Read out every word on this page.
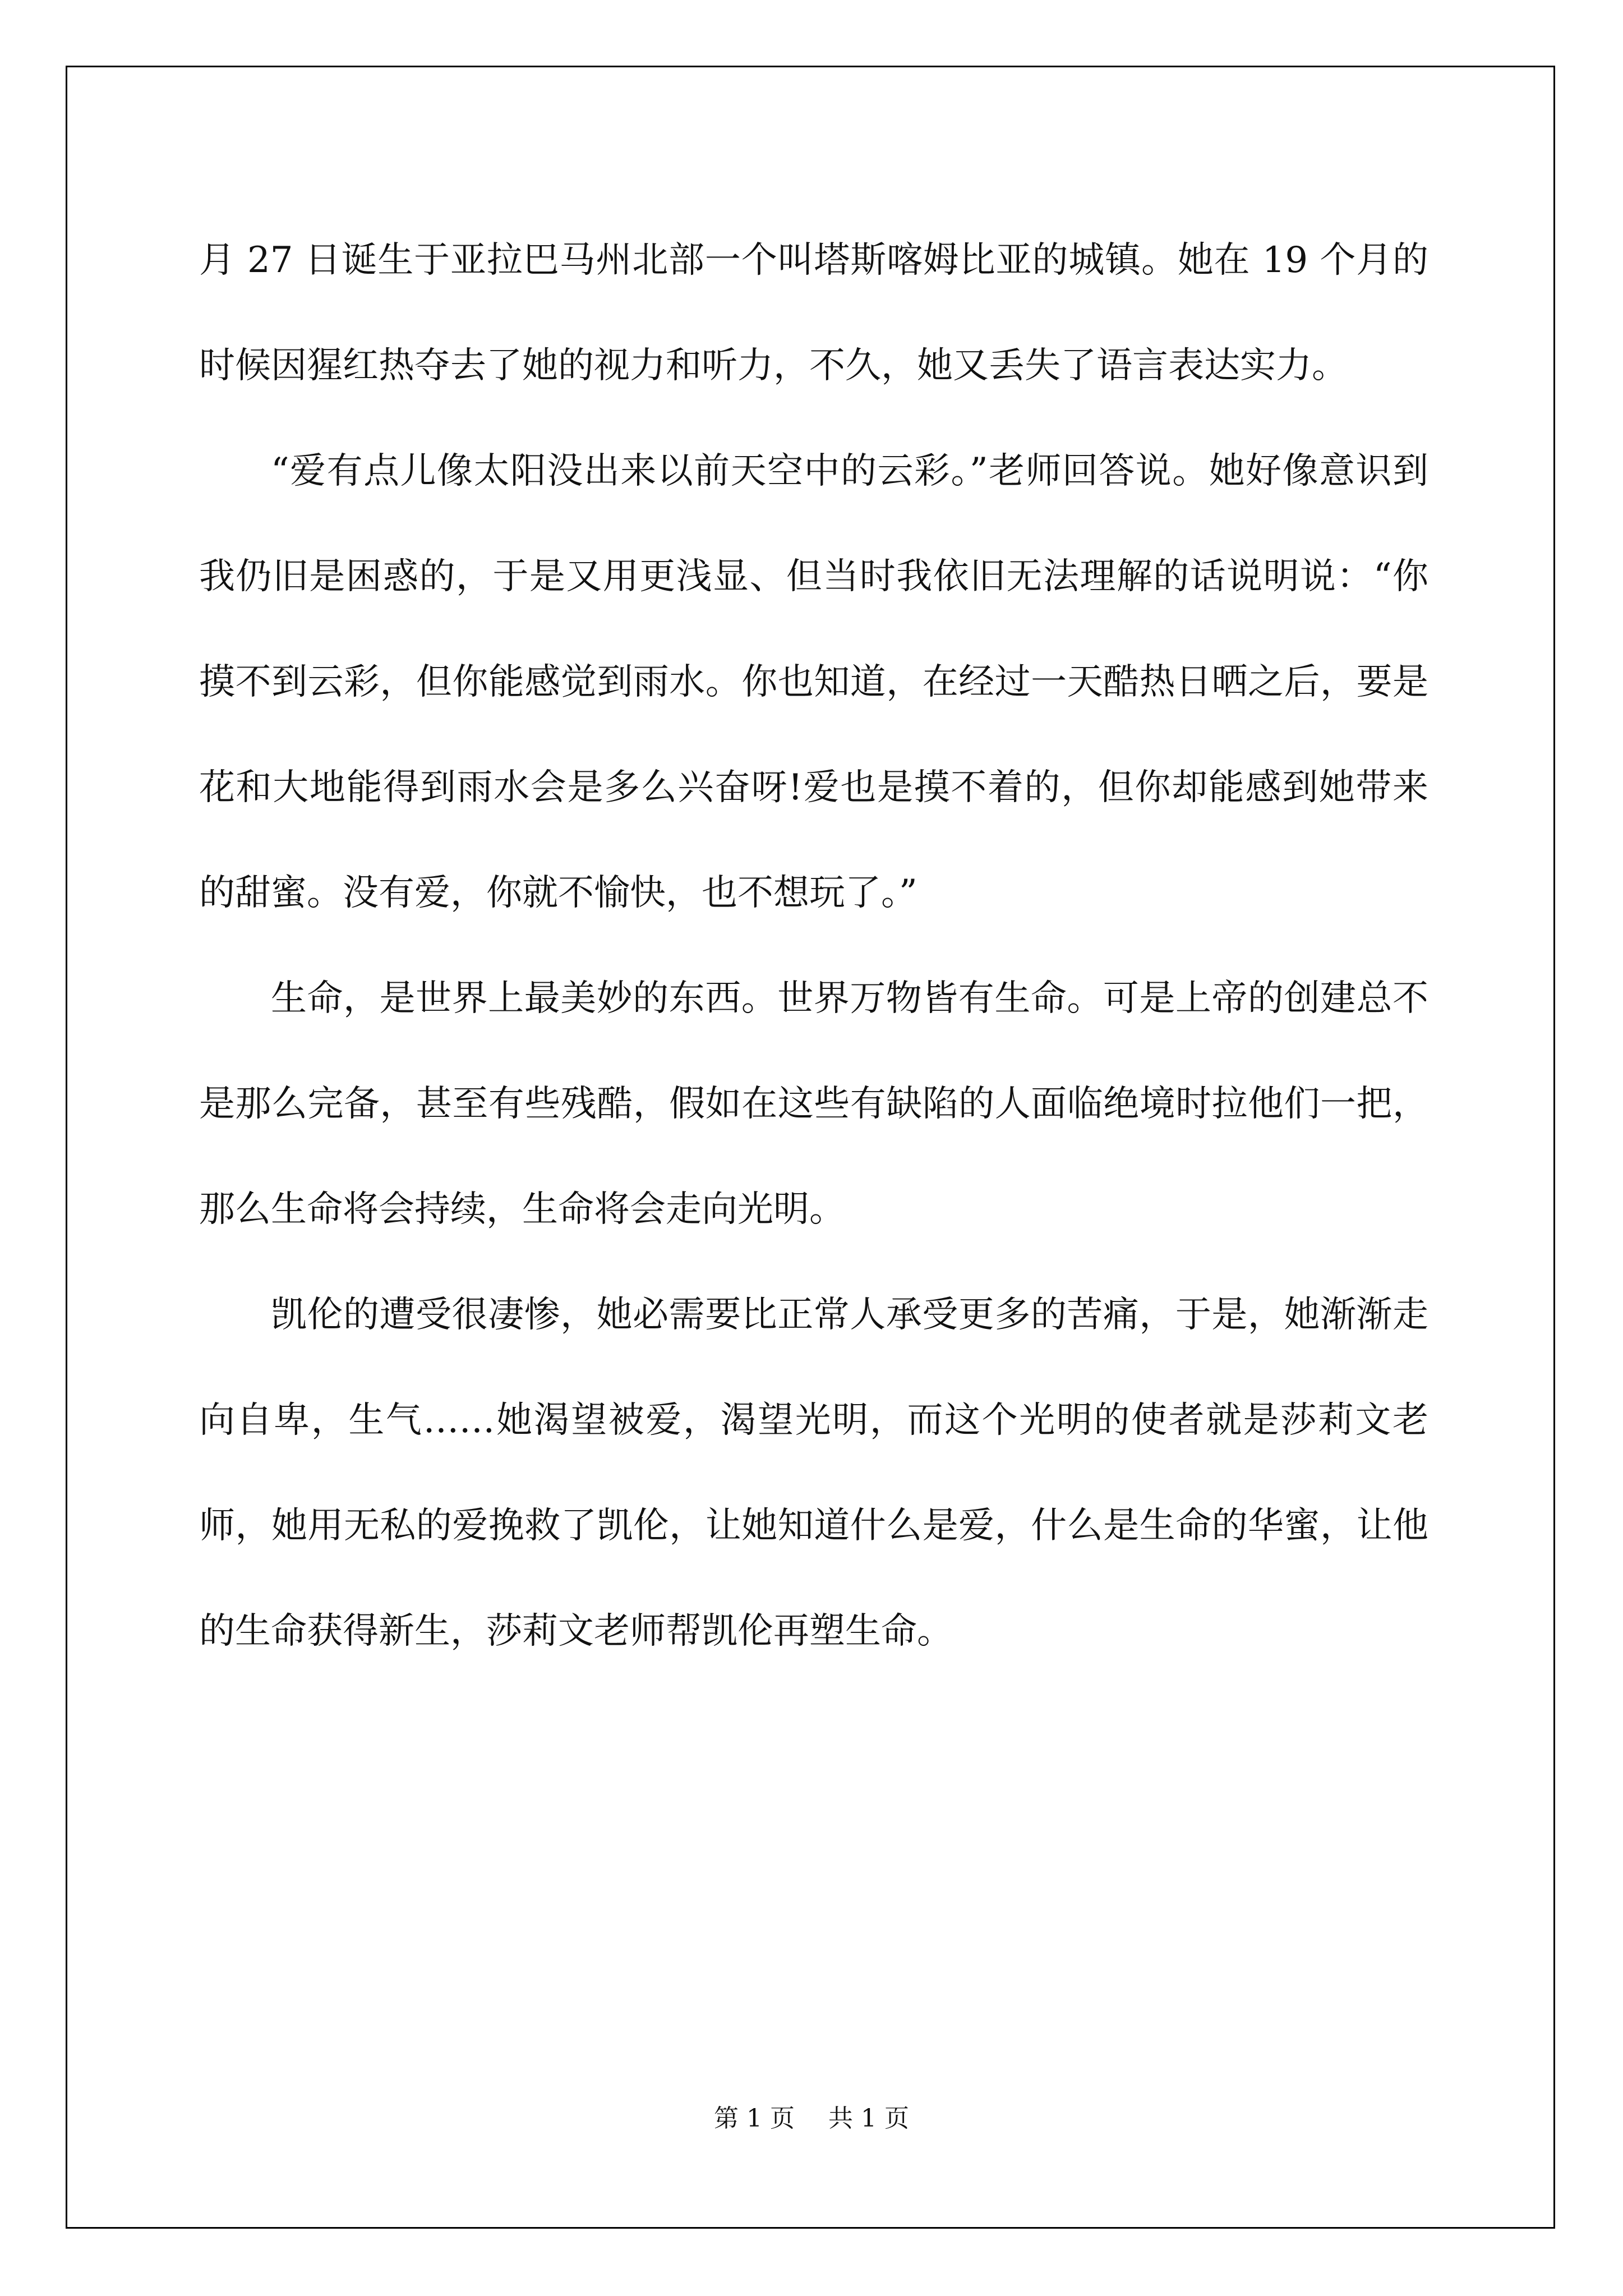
月 27 日诞生于亚拉巴马州北部一个叫塔斯喀姆比亚的城镇。她在 19 个月的时候因猩红热夺去了她的视力和听力，不久，她又丢失了语言表达实力。

“爱有点儿像太阳没出来以前天空中的云彩。”老师回答说。她好像意识到我仍旧是困惑的，于是又用更浅显、但当时我依旧无法理解的话说明说：“你摸不到云彩，但你能感觉到雨水。你也知道，在经过一天酷热日晒之后，要是花和大地能得到雨水会是多么兴奋呀!爱也是摸不着的，但你却能感到她带来的甜蜜。没有爱，你就不愉快，也不想玩了。”

生命，是世界上最美妙的东西。世界万物皆有生命。可是上帝的创建总不是那么完备，甚至有些残酷，假如在这些有缺陷的人面临绝境时拉他们一把，那么生命将会持续，生命将会走向光明。

凯伦的遭受很凄惨，她必需要比正常人承受更多的苦痛，于是，她渐渐走向自卑，生气……她渴望被爱，渴望光明，而这个光明的使者就是莎莉文老师，她用无私的爱挽救了凯伦，让她知道什么是爱，什么是生命的华蜜，让他的生命获得新生，莎莉文老师帮凯伦再塑生命。

第 1 页 共 1 页
